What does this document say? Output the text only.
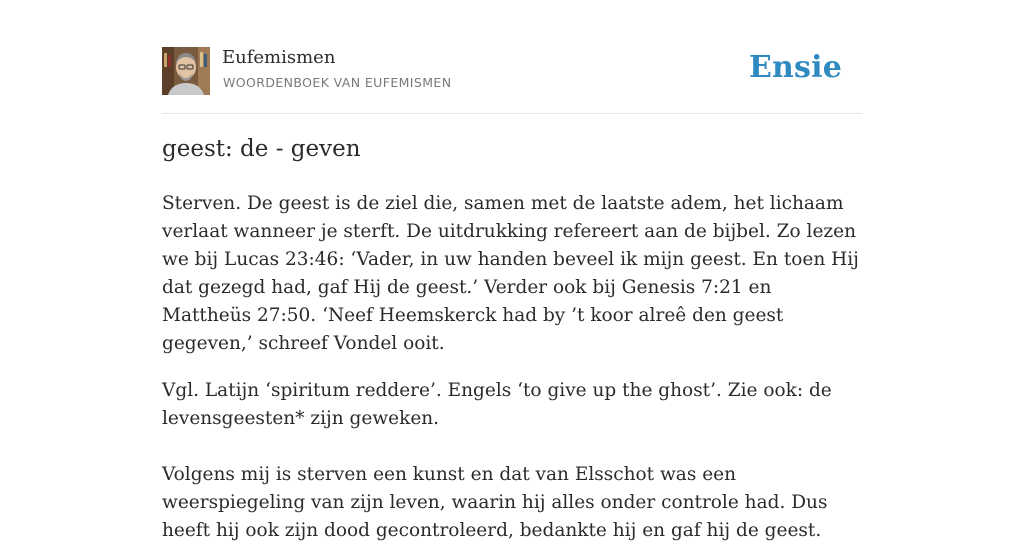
Eufemismen
WOORDENBOEK VAN EUFEMISMEN	Ensie
geest: de - geven

Sterven. De geest is de ziel die, samen met de laatste adem, het lichaam verlaat wanneer je sterft. De uitdrukking refereert aan de bijbel. Zo lezen we bij Lucas 23:46: ‘Vader, in uw handen beveel ik mijn geest. En toen Hij dat gezegd had, gaf Hij de geest.’ Verder ook bij Genesis 7:21 en Mattheüs 27:50. ‘Neef Heemskerck had by ’t koor alreê den geest gegeven,’ schreef Vondel ooit.

Vgl. Latijn ‘spiritum reddere’. Engels ‘to give up the ghost’. Zie ook: de levensgeesten* zijn geweken.

Volgens mij is sterven een kunst en dat van Elsschot was een weerspiegeling van zijn leven, waarin hij alles onder controle had. Dus heeft hij ook zijn dood gecontroleerd, bedankte hij en gaf hij de geest.
